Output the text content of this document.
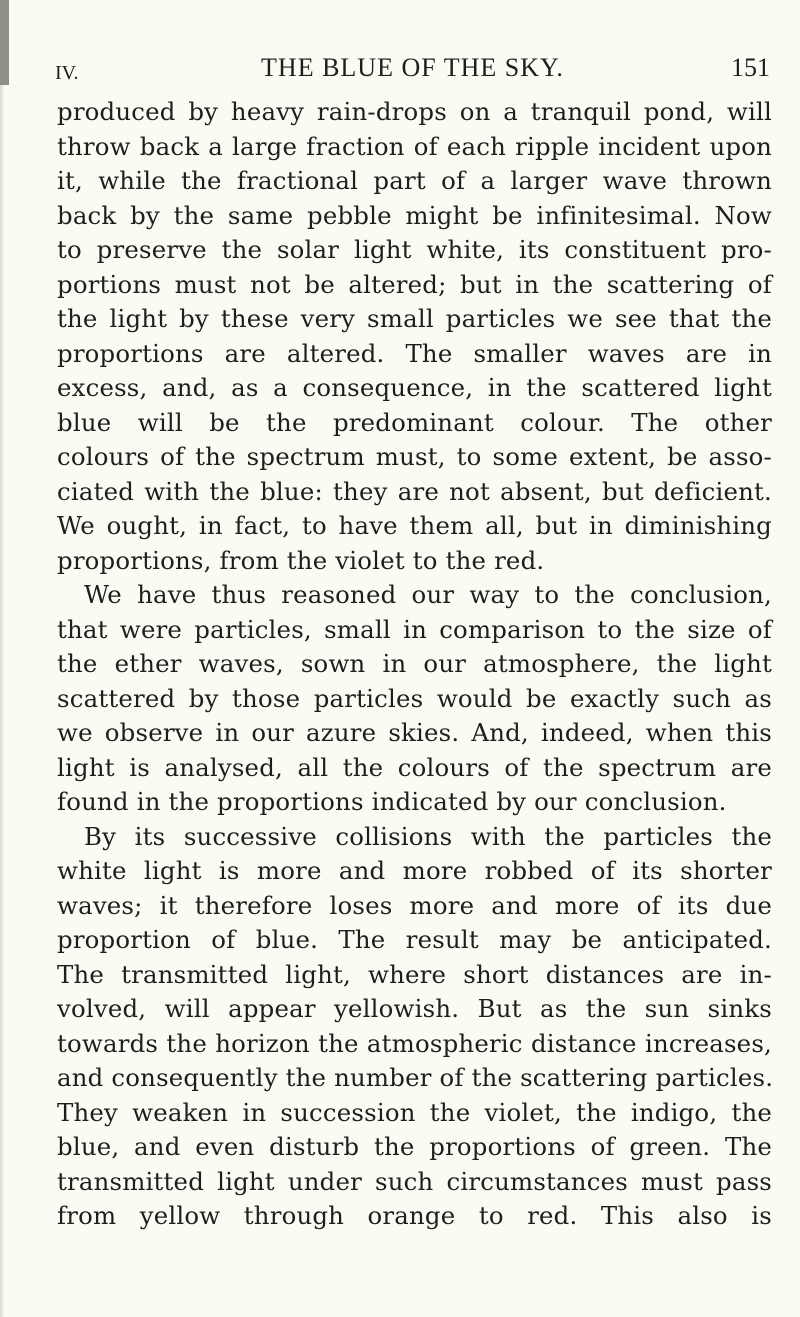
IV.	THE BLUE OF THE SKY.	151
produced by heavy rain-drops on a tranquil pond, will
throw back a large fraction of each ripple incident upon
it, while the fractional part of a larger wave thrown
back by the same pebble might be infinitesimal. Now
to preserve the solar light white, its constituent pro-
portions must not be altered; but in the scattering of
the light by these very small particles we see that the
proportions are altered. The smaller waves are in
excess, and, as a consequence, in the scattered light
blue will be the predominant colour. The other
colours of the spectrum must, to some extent, be asso-
ciated with the blue: they are not absent, but deficient.
We ought, in fact, to have them all, but in diminishing
proportions, from the violet to the red.
We have thus reasoned our way to the conclusion,
that were particles, small in comparison to the size of
the ether waves, sown in our atmosphere, the light
scattered by those particles would be exactly such as
we observe in our azure skies. And, indeed, when this
light is analysed, all the colours of the spectrum are
found in the proportions indicated by our conclusion.
By its successive collisions with the particles the
white light is more and more robbed of its shorter
waves; it therefore loses more and more of its due
proportion of blue. The result may be anticipated.
The transmitted light, where short distances are in-
volved, will appear yellowish. But as the sun sinks
towards the horizon the atmospheric distance increases,
and consequently the number of the scattering particles.
They weaken in succession the violet, the indigo, the
blue, and even disturb the proportions of green. The
transmitted light under such circumstances must pass
from yellow through orange to red. This also is
